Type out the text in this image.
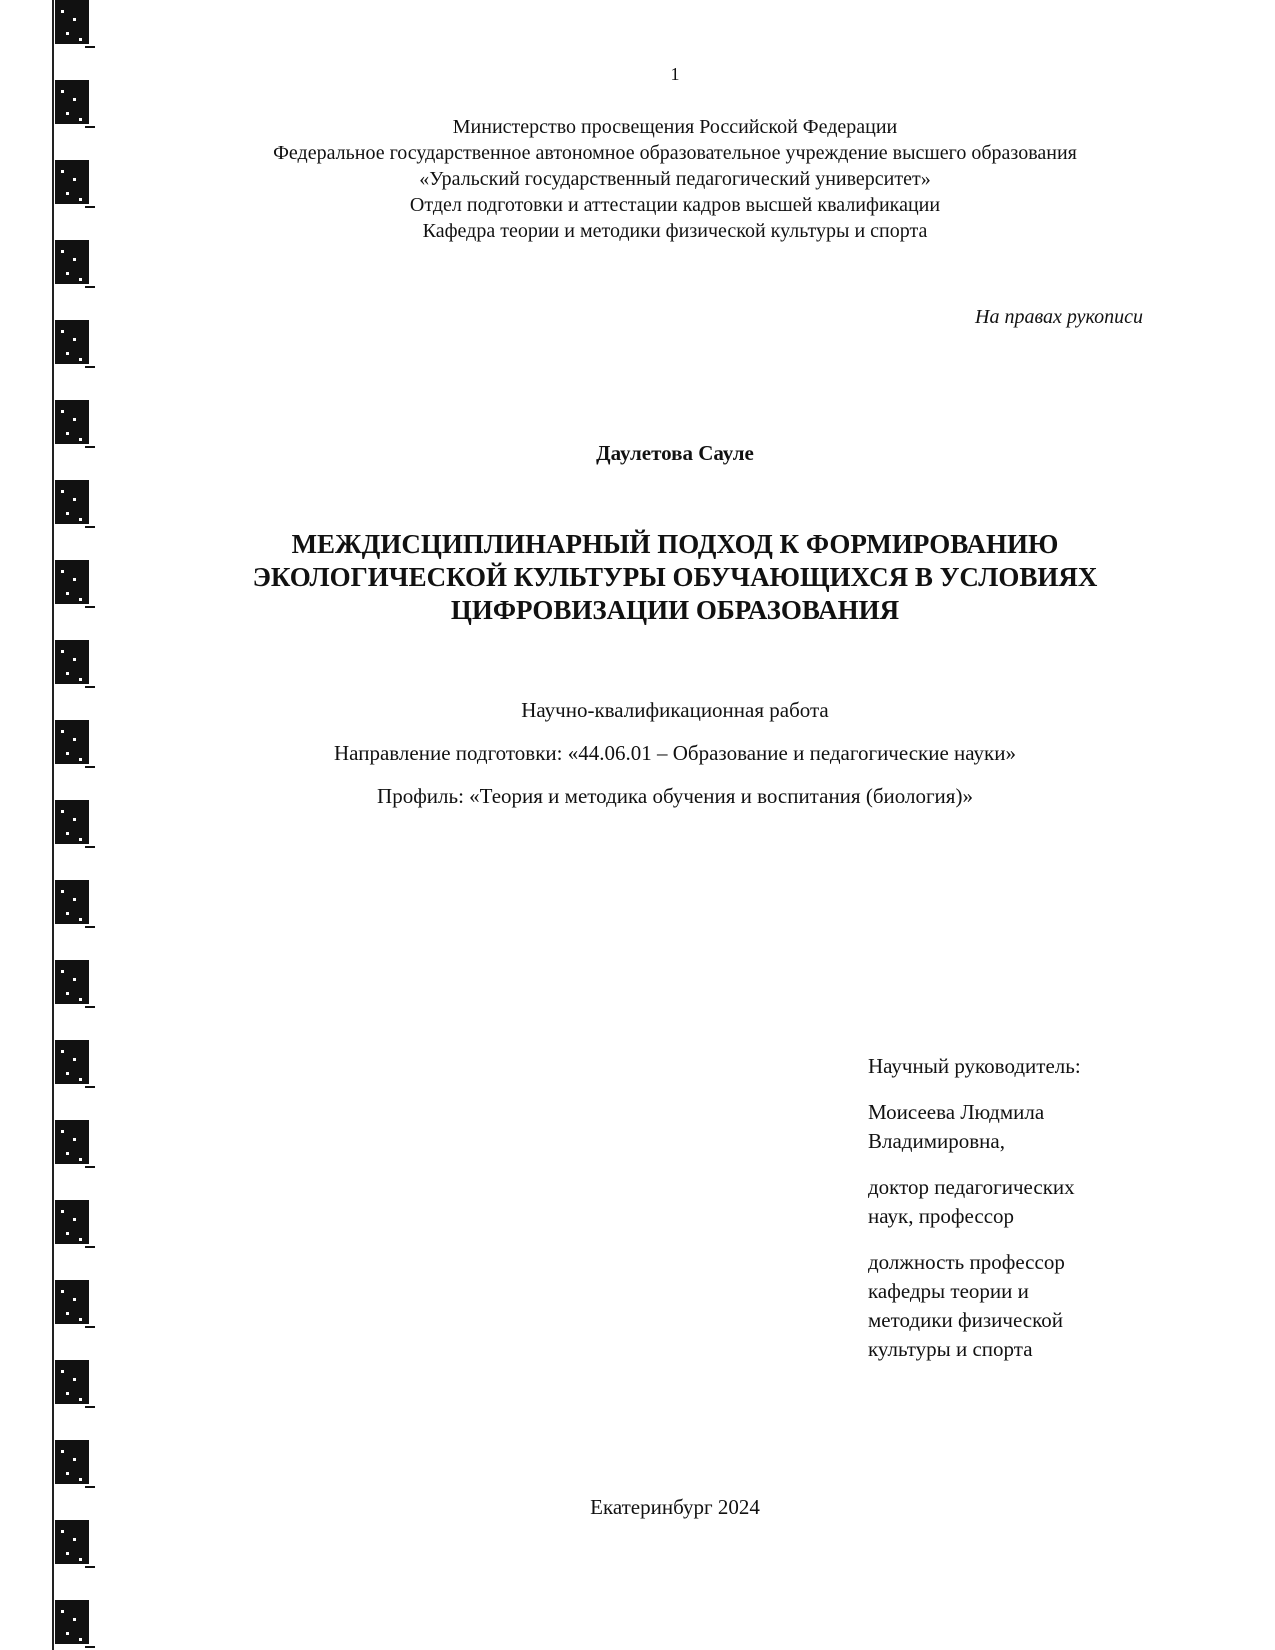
1
Министерство просвещения Российской Федерации
Федеральное государственное автономное образовательное учреждение высшего образования
«Уральский государственный педагогический университет»
Отдел подготовки и аттестации кадров высшей квалификации
Кафедра теории и методики физической культуры и спорта
На правах рукописи
Даулетова Сауле
МЕЖДИСЦИПЛИНАРНЫЙ ПОДХОД К ФОРМИРОВАНИЮ
ЭКОЛОГИЧЕСКОЙ КУЛЬТУРЫ ОБУЧАЮЩИХСЯ В УСЛОВИЯХ
ЦИФРОВИЗАЦИИ ОБРАЗОВАНИЯ
Научно-квалификационная работа
Направление подготовки: «44.06.01 – Образование и педагогические науки»
Профиль: «Теория и методика обучения и воспитания (биология)»
Научный руководитель:
Моисеева Людмила
Владимировна,
доктор педагогических
наук, профессор
должность профессор
кафедры теории и
методики физической
культуры и спорта
Екатеринбург 2024
